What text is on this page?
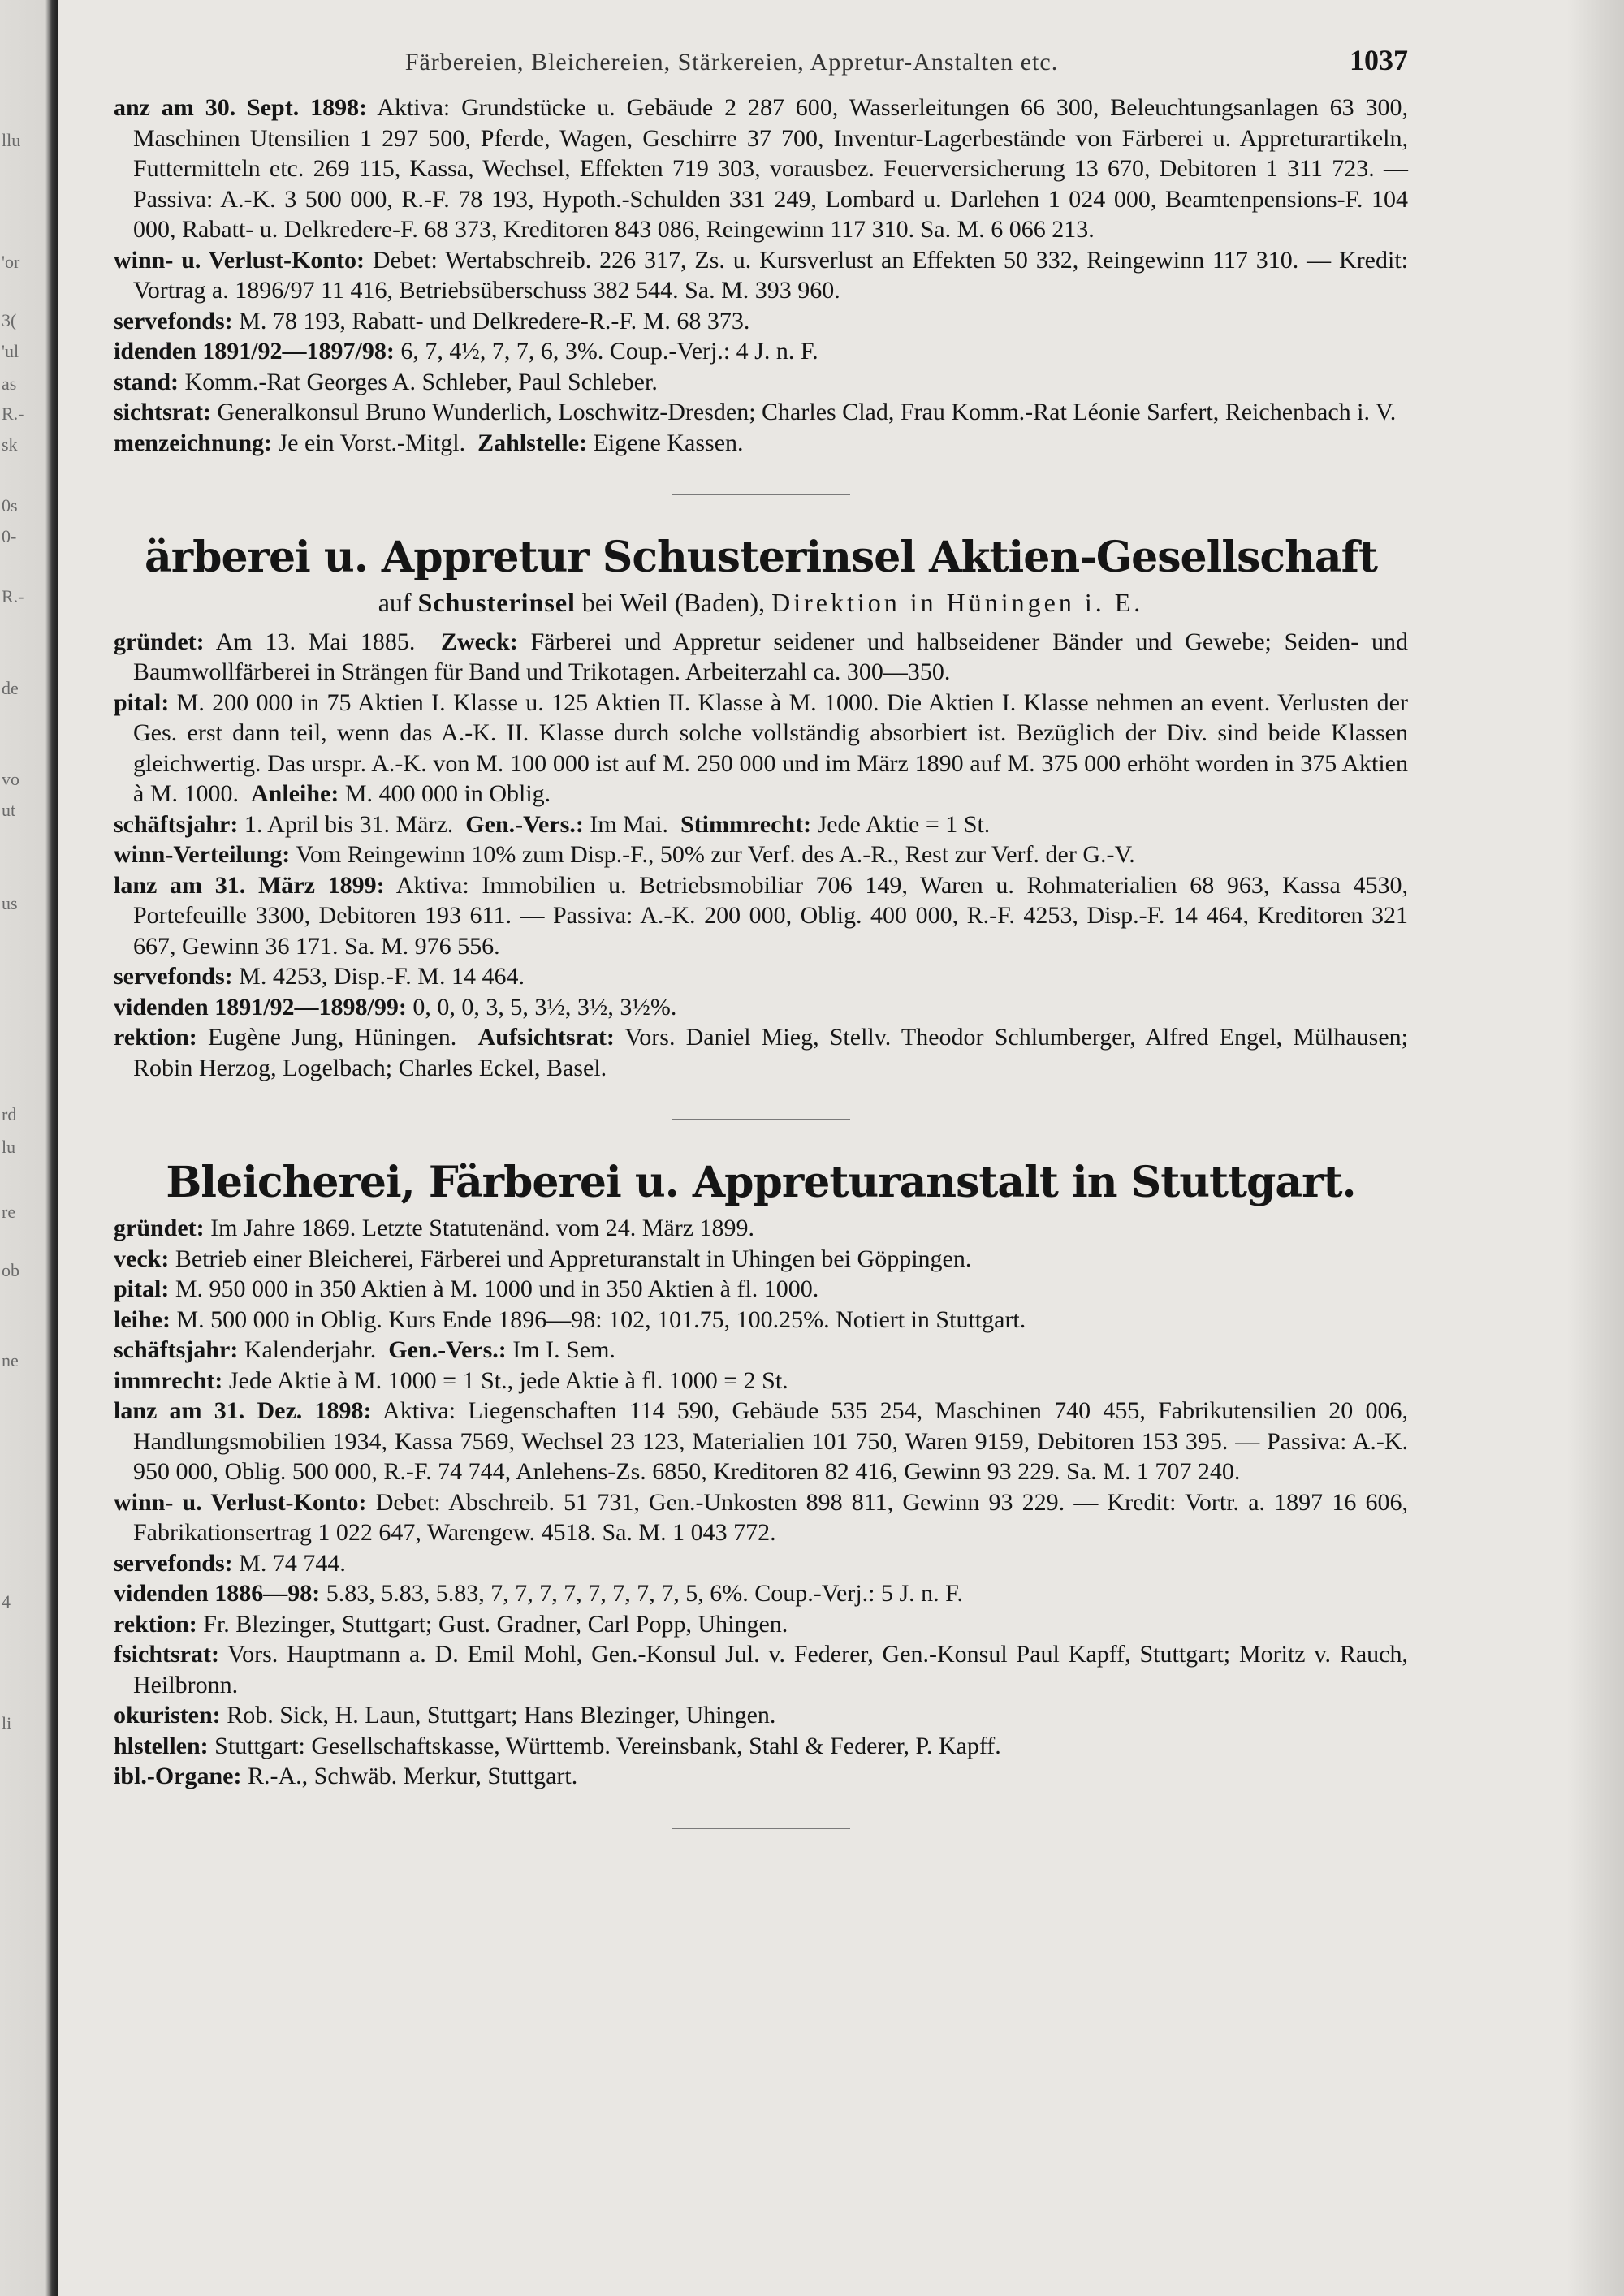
llu
'or
3(
'ul
as
R.-
sk
0s
0-
R.-
de
vo
ut
us
rd
lu
re
ob
ne
4
li
Färbereien, Bleichereien, Stärkereien, Appretur-Anstalten etc.	1037
anz am 30. Sept. 1898: Aktiva: Grundstücke u. Gebäude 2 287 600, Wasserleitungen 66 300, Beleuchtungsanlagen 63 300, Maschinen Utensilien 1 297 500, Pferde, Wagen, Geschirre 37 700, Inventur-Lagerbestände von Färberei u. Appreturartikeln, Futtermitteln etc. 269 115, Kassa, Wechsel, Effekten 719 303, vorausbez. Feuerversicherung 13 670, Debitoren 1 311 723. — Passiva: A.-K. 3 500 000, R.-F. 78 193, Hypoth.-Schulden 331 249, Lombard u. Darlehen 1 024 000, Beamtenpensions-F. 104 000, Rabatt- u. Delkredere-F. 68 373, Kreditoren 843 086, Reingewinn 117 310. Sa. M. 6 066 213.
winn- u. Verlust-Konto: Debet: Wertabschreib. 226 317, Zs. u. Kursverlust an Effekten 50 332, Reingewinn 117 310. — Kredit: Vortrag a. 1896/97 11 416, Betriebsüberschuss 382 544. Sa. M. 393 960.
servefonds: M. 78 193, Rabatt- und Delkredere-R.-F. M. 68 373.
idenden 1891/92—1897/98: 6, 7, 4½, 7, 7, 6, 3%. Coup.-Verj.: 4 J. n. F.
stand: Komm.-Rat Georges A. Schleber, Paul Schleber.
sichtsrat: Generalkonsul Bruno Wunderlich, Loschwitz-Dresden; Charles Clad, Frau Komm.-Rat Léonie Sarfert, Reichenbach i. V.
menzeichnung: Je ein Vorst.-Mitgl. Zahlstelle: Eigene Kassen.
ärberei u. Appretur Schusterinsel Aktien-Gesellschaft
auf Schusterinsel bei Weil (Baden), Direktion in Hüningen i. E.
gründet: Am 13. Mai 1885. Zweck: Färberei und Appretur seidener und halbseidener Bänder und Gewebe; Seiden- und Baumwollfärberei in Strängen für Band und Trikotagen. Arbeiterzahl ca. 300—350.
pital: M. 200 000 in 75 Aktien I. Klasse u. 125 Aktien II. Klasse à M. 1000. Die Aktien I. Klasse nehmen an event. Verlusten der Ges. erst dann teil, wenn das A.-K. II. Klasse durch solche vollständig absorbiert ist. Bezüglich der Div. sind beide Klassen gleichwertig. Das urspr. A.-K. von M. 100 000 ist auf M. 250 000 und im März 1890 auf M. 375 000 erhöht worden in 375 Aktien à M. 1000. Anleihe: M. 400 000 in Oblig.
schäftsjahr: 1. April bis 31. März. Gen.-Vers.: Im Mai. Stimmrecht: Jede Aktie = 1 St.
winn-Verteilung: Vom Reingewinn 10% zum Disp.-F., 50% zur Verf. des A.-R., Rest zur Verf. der G.-V.
lanz am 31. März 1899: Aktiva: Immobilien u. Betriebsmobiliar 706 149, Waren u. Rohmaterialien 68 963, Kassa 4530, Portefeuille 3300, Debitoren 193 611. — Passiva: A.-K. 200 000, Oblig. 400 000, R.-F. 4253, Disp.-F. 14 464, Kreditoren 321 667, Gewinn 36 171. Sa. M. 976 556.
servefonds: M. 4253, Disp.-F. M. 14 464.
videnden 1891/92—1898/99: 0, 0, 0, 3, 5, 3½, 3½, 3½%.
rektion: Eugène Jung, Hüningen. Aufsichtsrat: Vors. Daniel Mieg, Stellv. Theodor Schlumberger, Alfred Engel, Mülhausen; Robin Herzog, Logelbach; Charles Eckel, Basel.
Bleicherei, Färberei u. Appreturanstalt in Stuttgart.
gründet: Im Jahre 1869. Letzte Statutenänd. vom 24. März 1899.
veck: Betrieb einer Bleicherei, Färberei und Appreturanstalt in Uhingen bei Göppingen.
pital: M. 950 000 in 350 Aktien à M. 1000 und in 350 Aktien à fl. 1000.
leihe: M. 500 000 in Oblig. Kurs Ende 1896—98: 102, 101.75, 100.25%. Notiert in Stuttgart.
schäftsjahr: Kalenderjahr. Gen.-Vers.: Im I. Sem.
immrecht: Jede Aktie à M. 1000 = 1 St., jede Aktie à fl. 1000 = 2 St.
lanz am 31. Dez. 1898: Aktiva: Liegenschaften 114 590, Gebäude 535 254, Maschinen 740 455, Fabrikutensilien 20 006, Handlungsmobilien 1934, Kassa 7569, Wechsel 23 123, Materialien 101 750, Waren 9159, Debitoren 153 395. — Passiva: A.-K. 950 000, Oblig. 500 000, R.-F. 74 744, Anlehens-Zs. 6850, Kreditoren 82 416, Gewinn 93 229. Sa. M. 1 707 240.
winn- u. Verlust-Konto: Debet: Abschreib. 51 731, Gen.-Unkosten 898 811, Gewinn 93 229. — Kredit: Vortr. a. 1897 16 606, Fabrikationsertrag 1 022 647, Warengew. 4518. Sa. M. 1 043 772.
servefonds: M. 74 744.
videnden 1886—98: 5.83, 5.83, 5.83, 7, 7, 7, 7, 7, 7, 7, 7, 5, 6%. Coup.-Verj.: 5 J. n. F.
rektion: Fr. Blezinger, Stuttgart; Gust. Gradner, Carl Popp, Uhingen.
fsichtsrat: Vors. Hauptmann a. D. Emil Mohl, Gen.-Konsul Jul. v. Federer, Gen.-Konsul Paul Kapff, Stuttgart; Moritz v. Rauch, Heilbronn.
okuristen: Rob. Sick, H. Laun, Stuttgart; Hans Blezinger, Uhingen.
hlstellen: Stuttgart: Gesellschaftskasse, Württemb. Vereinsbank, Stahl & Federer, P. Kapff.
ibl.-Organe: R.-A., Schwäb. Merkur, Stuttgart.
